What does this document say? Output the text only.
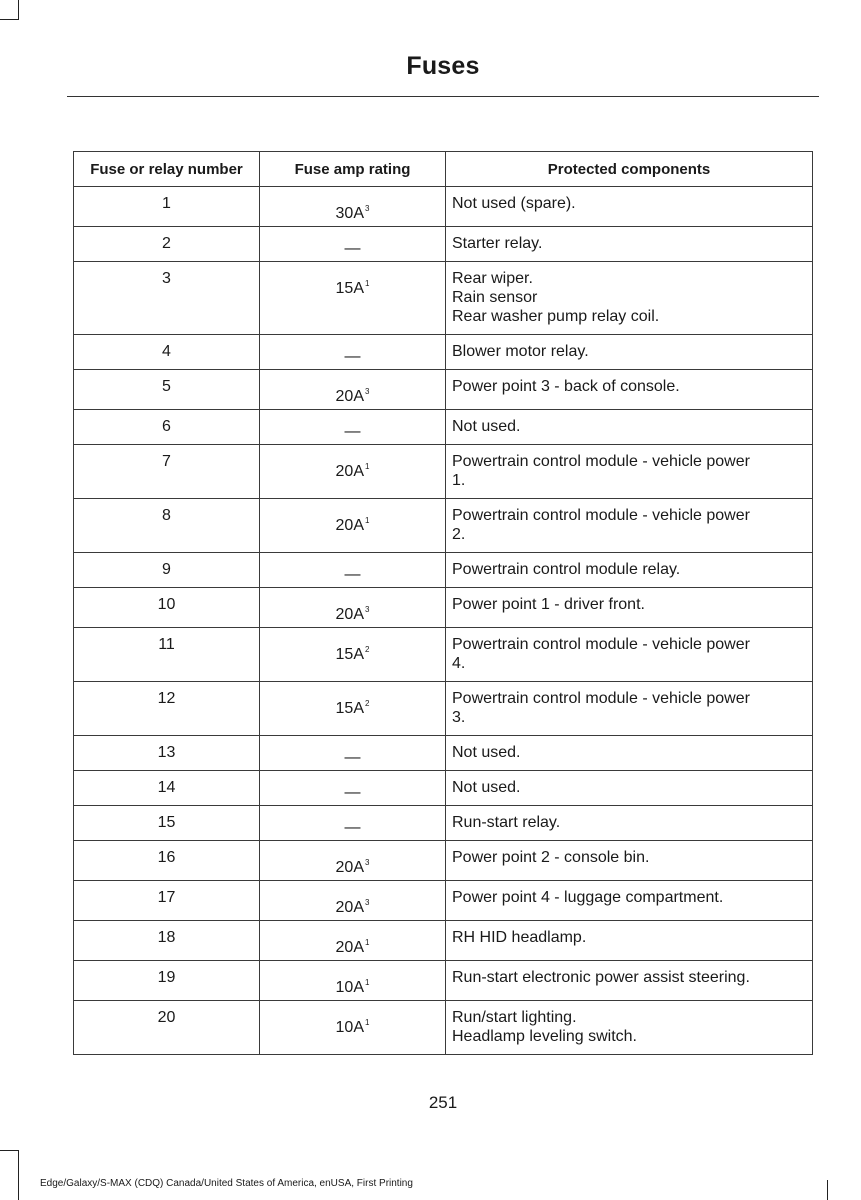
Fuses
Fuse or relay number	Fuse amp rating	Protected components
1	$30A^3$	Not used (spare).

2	—	Starter relay.

3	$15A^1$	Rear wiper.
Rain sensor
Rear washer pump relay coil.

4	—	Blower motor relay.

5	$20A^3$	Power point 3 - back of console.

6	—	Not used.

7	$20A^1$	Powertrain control module - vehicle power
1.

8	$20A^1$	Powertrain control module - vehicle power
2.

9	—	Powertrain control module relay.

10	$20A^3$	Power point 1 - driver front.

11	$15A^2$	Powertrain control module - vehicle power
4.

12	$15A^2$	Powertrain control module - vehicle power
3.

13	—	Not used.

14	—	Not used.

15	—	Run-start relay.

16	$20A^3$	Power point 2 - console bin.

17	$20A^3$	Power point 4 - luggage compartment.

18	$20A^1$	RH HID headlamp.

19	$10A^1$	Run-start electronic power assist steering.

20	$10A^1$	Run/start lighting.
Headlamp leveling switch.
251
Edge/Galaxy/S-MAX (CDQ) Canada/United States of America, enUSA, First Printing
